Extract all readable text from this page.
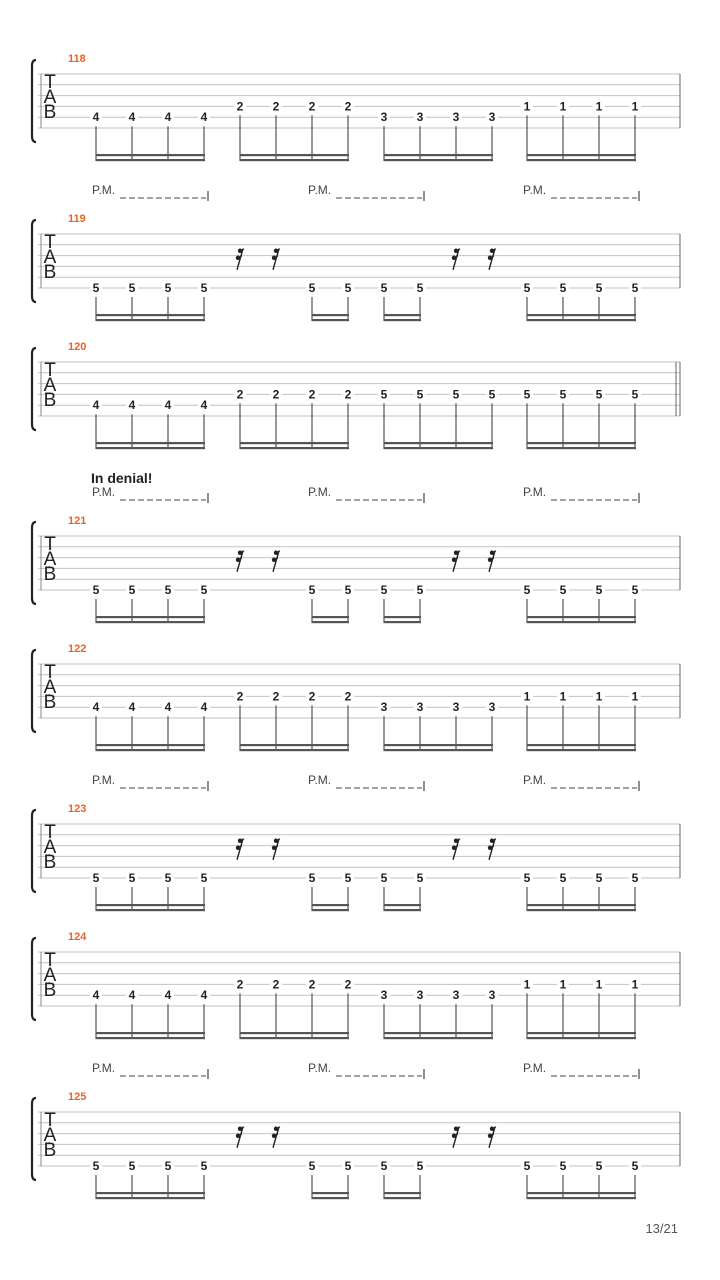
T
A
B
118
4 4 4 4
2 2 2 2
3 3 3 3
1 1 1 1
T
A
B
119
P.M.	P.M.	P.M.
5 5 5 5	5 5 5 5	5 5 5 5
T
A
B
120
4 4 4 4
2 2 2 2 5 5 5 5 5 5 5 5
T
A
B
121
In denial!
P.M.	P.M.	P.M.
5 5 5 5	5 5 5 5	5 5 5 5
T
A
B
122
4 4 4 4
2 2 2 2
3 3 3 3
1 1 1 1
T
A
B
123
P.M.	P.M.	P.M.
5 5 5 5	5 5 5 5	5 5 5 5
T
A
B
124
4 4 4 4
2 2 2 2
3 3 3 3
1 1 1 1
T
A
B
125
P.M.	P.M.	P.M.
5 5 5 5	5 5 5 5	5 5 5 5
13/21
